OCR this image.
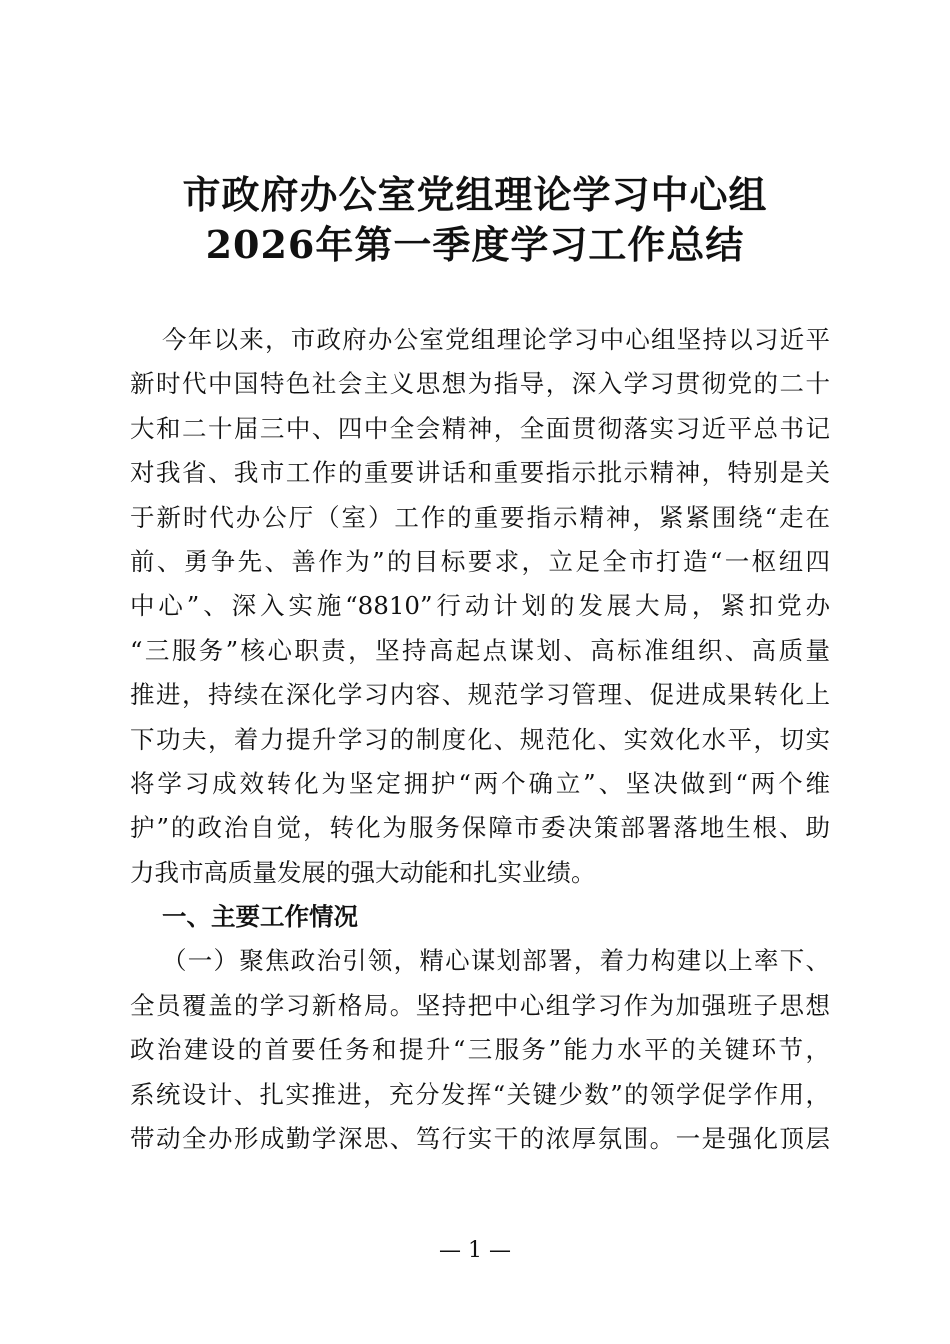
市政府办公室党组理论学习中心组
2026年第一季度学习工作总结
今年以来，市政府办公室党组理论学习中心组坚持以习近平
新时代中国特色社会主义思想为指导，深入学习贯彻党的二十
大和二十届三中、四中全会精神，全面贯彻落实习近平总书记
对我省、我市工作的重要讲话和重要指示批示精神，特别是关
于新时代办公厅（室）工作的重要指示精神，紧紧围绕“走在
前、勇争先、善作为”的目标要求，立足全市打造“一枢纽四
中心”、深入实施“8810”行动计划的发展大局，紧扣党办
“三服务”核心职责，坚持高起点谋划、高标准组织、高质量
推进，持续在深化学习内容、规范学习管理、促进成果转化上
下功夫，着力提升学习的制度化、规范化、实效化水平，切实
将学习成效转化为坚定拥护“两个确立”、坚决做到“两个维
护”的政治自觉，转化为服务保障市委决策部署落地生根、助
力我市高质量发展的强大动能和扎实业绩。
一、主要工作情况
（一）聚焦政治引领，精心谋划部署，着力构建以上率下、
全员覆盖的学习新格局。坚持把中心组学习作为加强班子思想
政治建设的首要任务和提升“三服务”能力水平的关键环节，
系统设计、扎实推进，充分发挥“关键少数”的领学促学作用，
带动全办形成勤学深思、笃行实干的浓厚氛围。一是强化顶层
— 1 —
